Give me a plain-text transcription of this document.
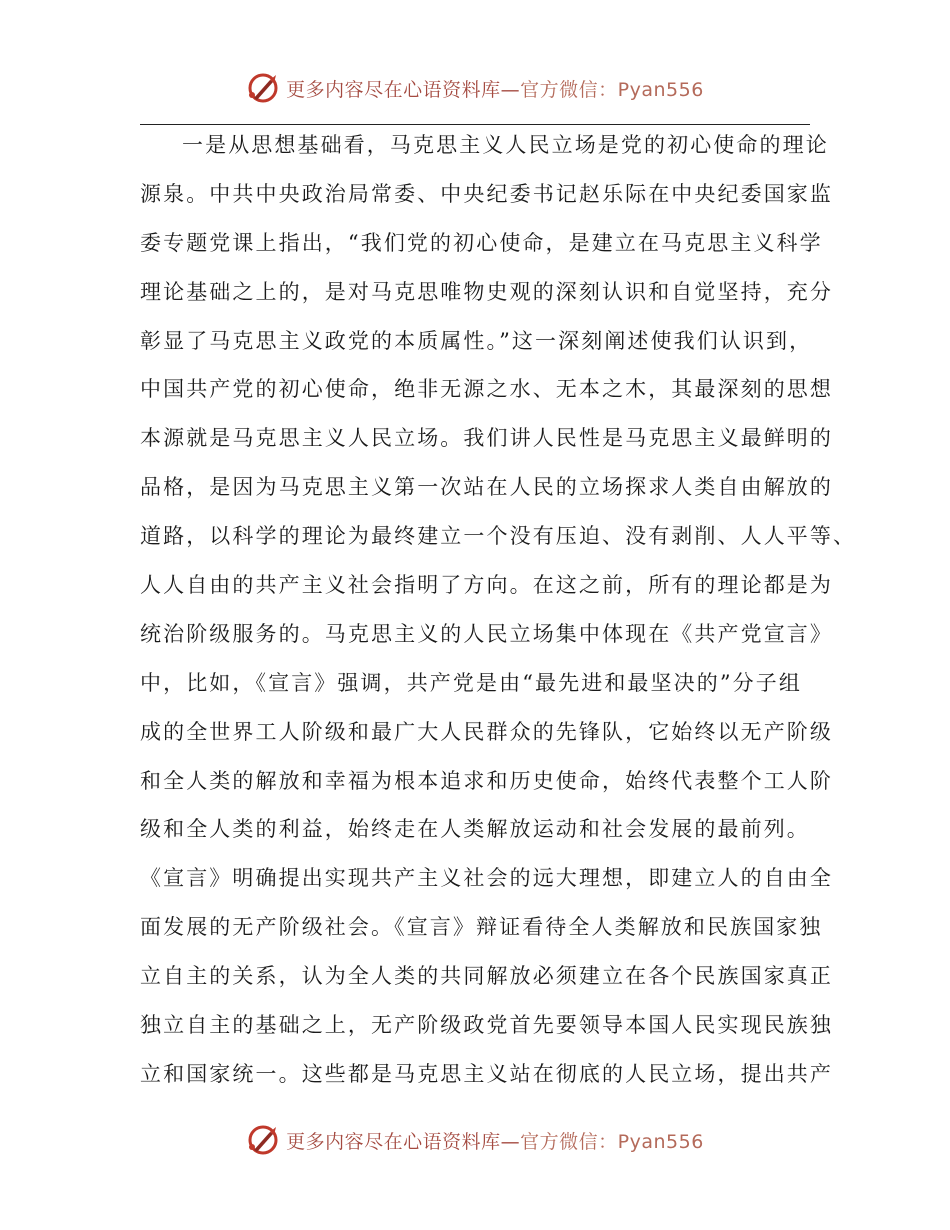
更多内容尽在心语资料库—官方微信：Pyan556
一是从思想基础看，马克思主义人民立场是党的初心使命的理论
源泉。中共中央政治局常委、中央纪委书记赵乐际在中央纪委国家监
委专题党课上指出，“我们党的初心使命，是建立在马克思主义科学
理论基础之上的，是对马克思唯物史观的深刻认识和自觉坚持，充分
彰显了马克思主义政党的本质属性。”这一深刻阐述使我们认识到，
中国共产党的初心使命，绝非无源之水、无本之木，其最深刻的思想
本源就是马克思主义人民立场。我们讲人民性是马克思主义最鲜明的
品格，是因为马克思主义第一次站在人民的立场探求人类自由解放的
道路，以科学的理论为最终建立一个没有压迫、没有剥削、人人平等、
人人自由的共产主义社会指明了方向。在这之前，所有的理论都是为
统治阶级服务的。马克思主义的人民立场集中体现在《共产党宣言》
中，比如，《宣言》强调，共产党是由“最先进和最坚决的”分子组
成的全世界工人阶级和最广大人民群众的先锋队，它始终以无产阶级
和全人类的解放和幸福为根本追求和历史使命，始终代表整个工人阶
级和全人类的利益，始终走在人类解放运动和社会发展的最前列。
《宣言》明确提出实现共产主义社会的远大理想，即建立人的自由全
面发展的无产阶级社会。《宣言》辩证看待全人类解放和民族国家独
立自主的关系，认为全人类的共同解放必须建立在各个民族国家真正
独立自主的基础之上，无产阶级政党首先要领导本国人民实现民族独
立和国家统一。这些都是马克思主义站在彻底的人民立场，提出共产
更多内容尽在心语资料库—官方微信：Pyan556
